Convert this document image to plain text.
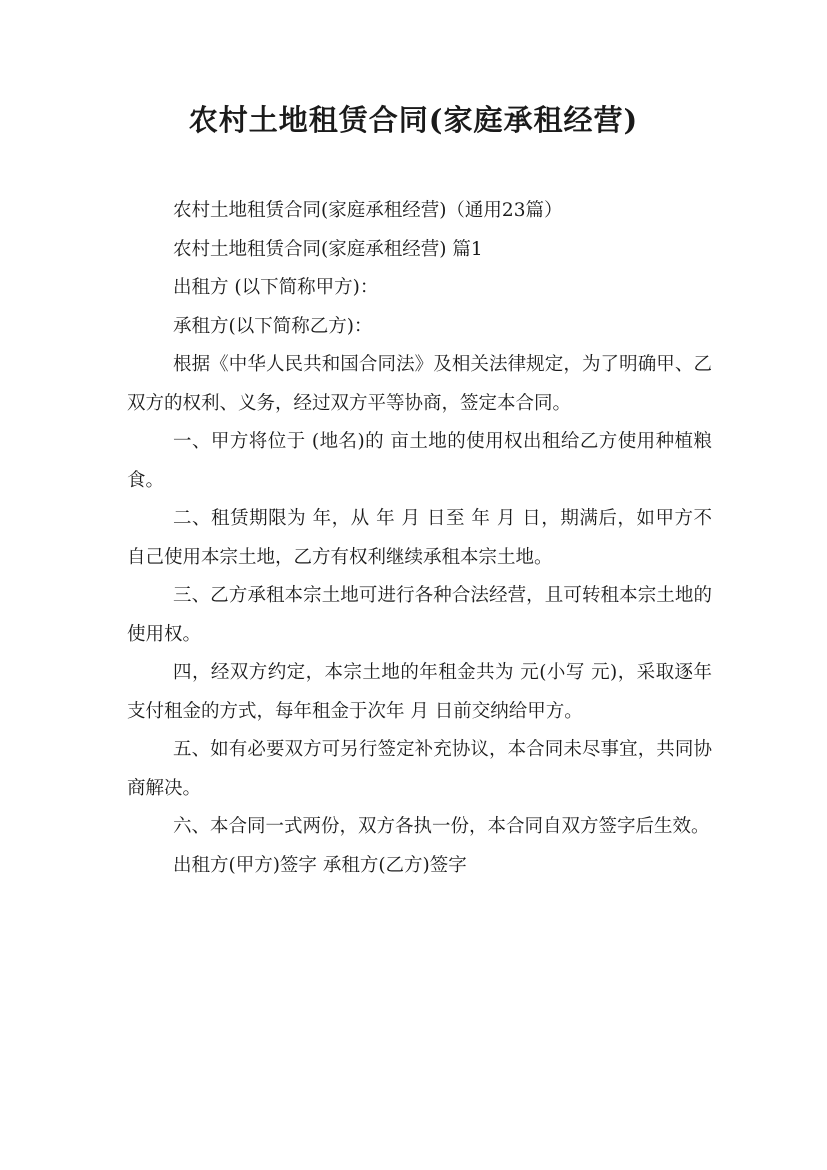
农村土地租赁合同(家庭承租经营)

农村土地租赁合同(家庭承租经营)（通用23篇）

农村土地租赁合同(家庭承租经营) 篇1

出租方 (以下简称甲方)：

承租方(以下简称乙方)：

根据《中华人民共和国合同法》及相关法律规定，为了明确甲、乙双方的权利、义务，经过双方平等协商，签定本合同。

一、甲方将位于 (地名)的 亩土地的使用权出租给乙方使用种植粮食。

二、租赁期限为 年，从 年 月 日至 年 月 日，期满后，如甲方不自己使用本宗土地，乙方有权利继续承租本宗土地。

三、乙方承租本宗土地可进行各种合法经营，且可转租本宗土地的使用权。

四，经双方约定，本宗土地的年租金共为 元(小写 元)，采取逐年支付租金的方式，每年租金于次年 月 日前交纳给甲方。

五、如有必要双方可另行签定补充协议，本合同未尽事宜，共同协商解决。

六、本合同一式两份，双方各执一份，本合同自双方签字后生效。

出租方(甲方)签字 承租方(乙方)签字
